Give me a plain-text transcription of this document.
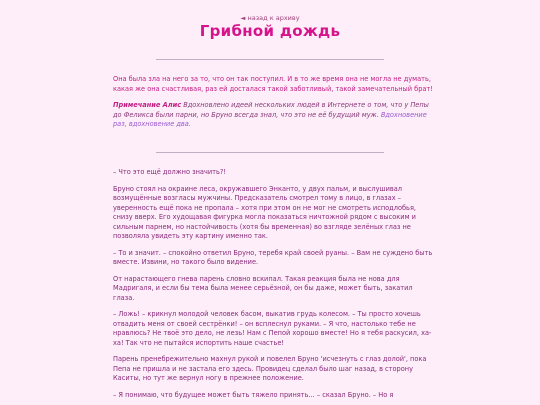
◄ назад к архиву
Грибной дождь

Она была зла на него за то, что он так поступил. И в то же время она не могла не думать, какая же она счастливая, раз ей досталася такой заботливый, такой замечательный брат!

Примечание Алис Вдохновлено идеей нескольких людей в Интернете о том, что у Пепы до Феликса были парни, но Бруно всегда знал, что это не её будущий муж. Вдохновение раз, вдохновение два.

– Что это ещё должно значить?!

Бруно стоял на окраине леса, окружавшего Энканто, у двух пальм, и выслушивал возмущённые возгласы мужчины. Предсказатель смотрел тому в лицо, в глазах – уверенность ещё пока не пропала – хотя при этом он не мог не смотреть исподлобья, снизу вверх. Его худощавая фигурка могла показаться ничтожной рядом с высоким и сильным парнем, но настойчивость (хотя бы временная) во взгляде зелёных глаз не позволяла увидеть эту картину именно так.

– То и значит. – спокойно ответил Бруно, теребя край своей руаны. – Вам не суждено быть вместе. Извини, но такого было видение.

От нарастающего гнева парень словно вскипал. Такая реакция была не нова для Мадригаля, и если бы тема была менее серьёзной, он бы даже, может быть, закатил глаза.

– Ложь! – крикнул молодой человек басом, выкатив грудь колесом. – Ты просто хочешь отвадить меня от своей сестрёнки! – он всплеснул руками. – Я что, настолько тебе не нравлюсь? Не твоё это дело, не лезь! Нам с Пепой хорошо вместе! Но я тебя раскусил, ха-ха! Так что не пытайся испортить наше счастье!

Парень пренебрежительно махнул рукой и повелел Бруно 'исчезнуть с глаз долой', пока Пепа не пришла и не застала его здесь. Провидец сделал было шаг назад, в сторону Каситы, но тут же вернул ногу в прежнее положение.

– Я понимаю, что будущее может быть тяжело принять... – сказал Бруно. – Но я
